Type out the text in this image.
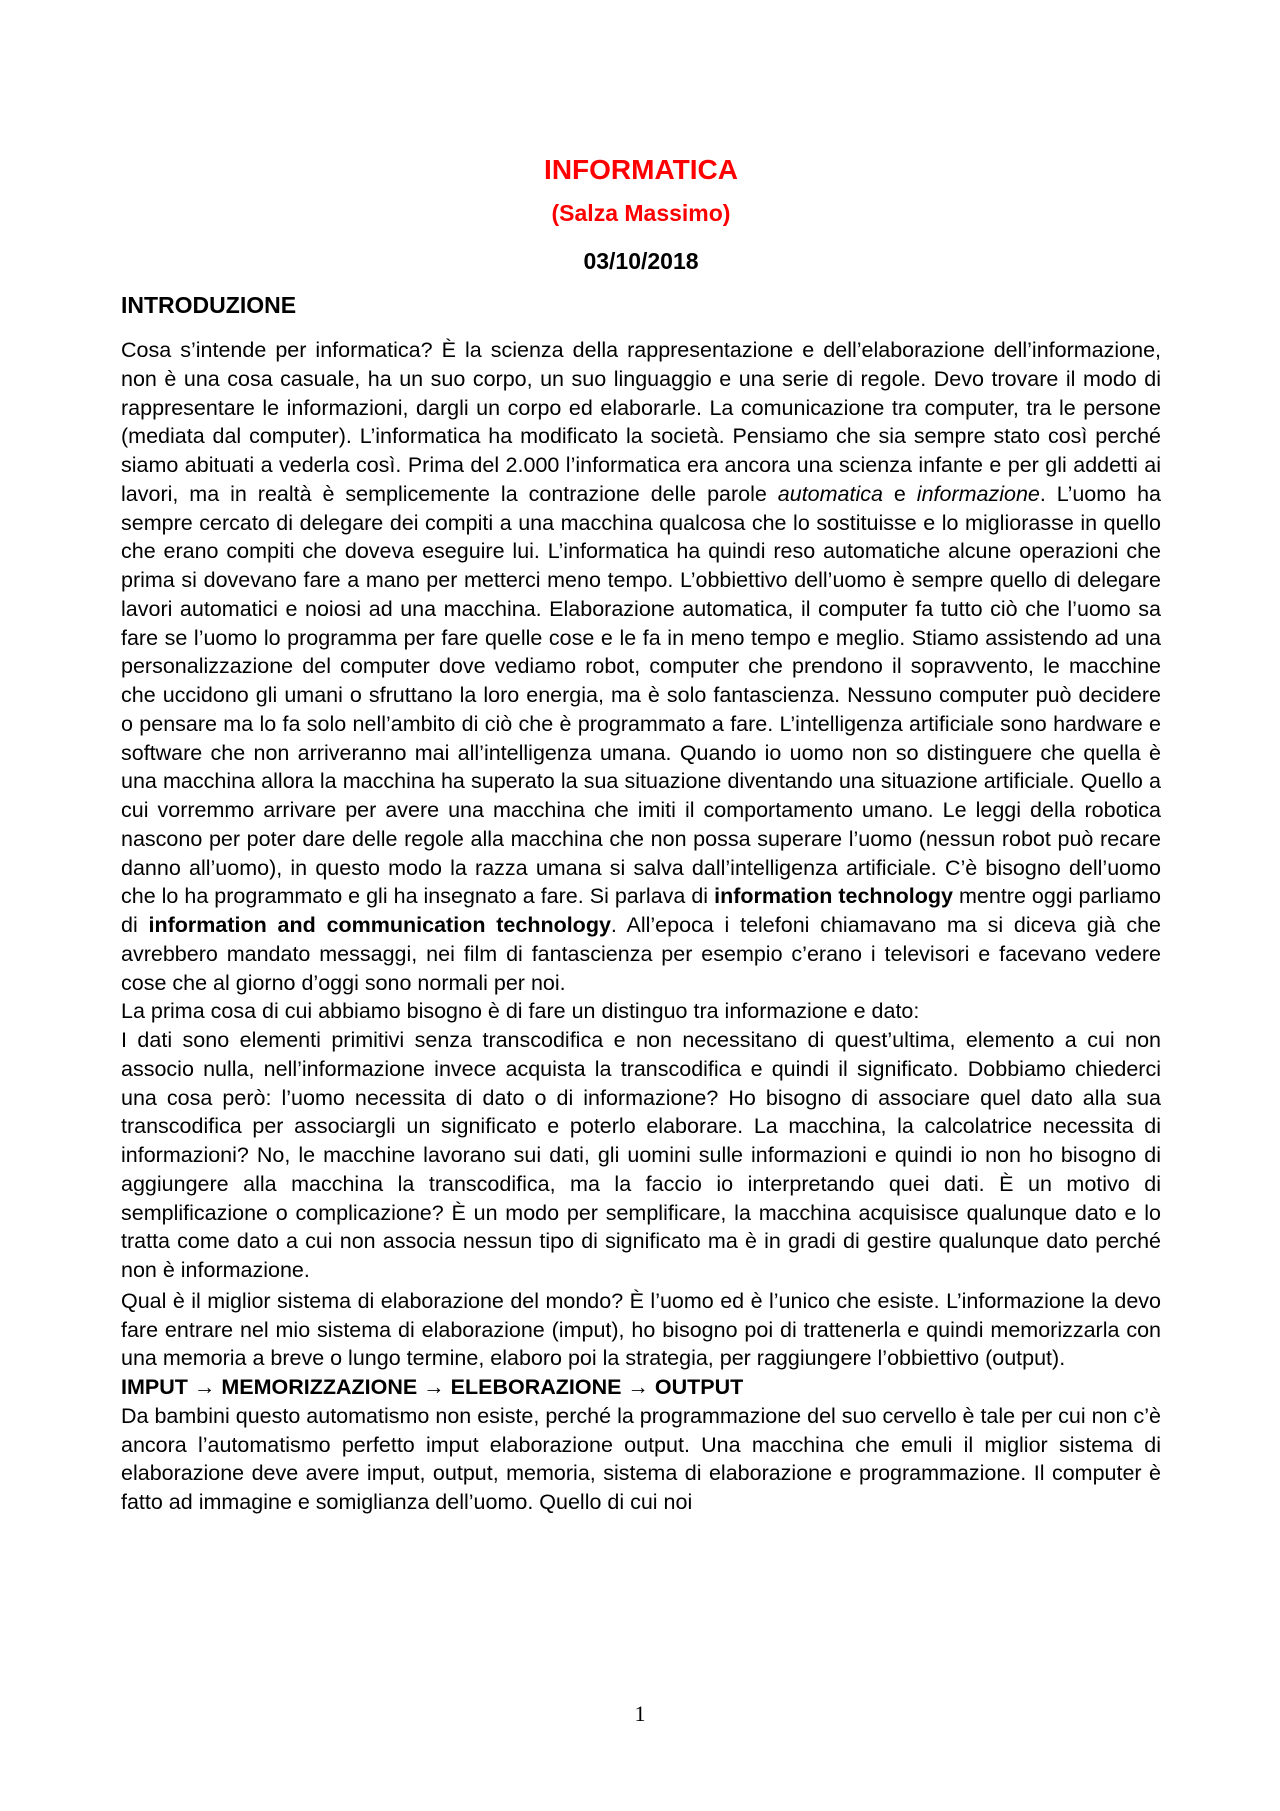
INFORMATICA
(Salza Massimo)
03/10/2018
INTRODUZIONE

Cosa s’intende per informatica? È la scienza della rappresentazione e dell’elaborazione dell’informazione, non è una cosa casuale, ha un suo corpo, un suo linguaggio e una serie di regole. Devo trovare il modo di rappresentare le informazioni, dargli un corpo ed elaborarle. La comunicazione tra computer, tra le persone (mediata dal computer). L’informatica ha modificato la società. Pensiamo che sia sempre stato così perché siamo abituati a vederla così. Prima del 2.000 l’informatica era ancora una scienza infante e per gli addetti ai lavori, ma in realtà è semplicemente la contrazione delle parole automatica e informazione. L’uomo ha sempre cercato di delegare dei compiti a una macchina qualcosa che lo sostituisse e lo migliorasse in quello che erano compiti che doveva eseguire lui. L’informatica ha quindi reso automatiche alcune operazioni che prima si dovevano fare a mano per metterci meno tempo. L’obbiettivo dell’uomo è sempre quello di delegare lavori automatici e noiosi ad una macchina. Elaborazione automatica, il computer fa tutto ciò che l’uomo sa fare se l’uomo lo programma per fare quelle cose e le fa in meno tempo e meglio. Stiamo assistendo ad una personalizzazione del computer dove vediamo robot, computer che prendono il sopravvento, le macchine che uccidono gli umani o sfruttano la loro energia, ma è solo fantascienza. Nessuno computer può decidere o pensare ma lo fa solo nell’ambito di ciò che è programmato a fare. L’intelligenza artificiale sono hardware e software che non arriveranno mai all’intelligenza umana. Quando io uomo non so distinguere che quella è una macchina allora la macchina ha superato la sua situazione diventando una situazione artificiale. Quello a cui vorremmo arrivare per avere una macchina che imiti il comportamento umano. Le leggi della robotica nascono per poter dare delle regole alla macchina che non possa superare l’uomo (nessun robot può recare danno all’uomo), in questo modo la razza umana si salva dall’intelligenza artificiale. C’è bisogno dell’uomo che lo ha programmato e gli ha insegnato a fare. Si parlava di information technology mentre oggi parliamo di information and communication technology. All’epoca i telefoni chiamavano ma si diceva già che avrebbero mandato messaggi, nei film di fantascienza per esempio c’erano i televisori e facevano vedere cose che al giorno d’oggi sono normali per noi.

La prima cosa di cui abbiamo bisogno è di fare un distinguo tra informazione e dato:

I dati sono elementi primitivi senza transcodifica e non necessitano di quest’ultima, elemento a cui non associo nulla, nell’informazione invece acquista la transcodifica e quindi il significato. Dobbiamo chiederci una cosa però: l’uomo necessita di dato o di informazione? Ho bisogno di associare quel dato alla sua transcodifica per associargli un significato e poterlo elaborare. La macchina, la calcolatrice necessita di informazioni? No, le macchine lavorano sui dati, gli uomini sulle informazioni e quindi io non ho bisogno di aggiungere alla macchina la transcodifica, ma la faccio io interpretando quei dati. È un motivo di semplificazione o complicazione? È un modo per semplificare, la macchina acquisisce qualunque dato e lo tratta come dato a cui non associa nessun tipo di significato ma è in gradi di gestire qualunque dato perché non è informazione.

Qual è il miglior sistema di elaborazione del mondo? È l’uomo ed è l’unico che esiste. L’informazione la devo fare entrare nel mio sistema di elaborazione (imput), ho bisogno poi di trattenerla e quindi memorizzarla con una memoria a breve o lungo termine, elaboro poi la strategia, per raggiungere l’obbiettivo (output).

IMPUT → MEMORIZZAZIONE → ELEBORAZIONE → OUTPUT

Da bambini questo automatismo non esiste, perché la programmazione del suo cervello è tale per cui non c’è ancora l’automatismo perfetto imput elaborazione output. Una macchina che emuli il miglior sistema di elaborazione deve avere imput, output, memoria, sistema di elaborazione e programmazione. Il computer è fatto ad immagine e somiglianza dell’uomo. Quello di cui noi

1
